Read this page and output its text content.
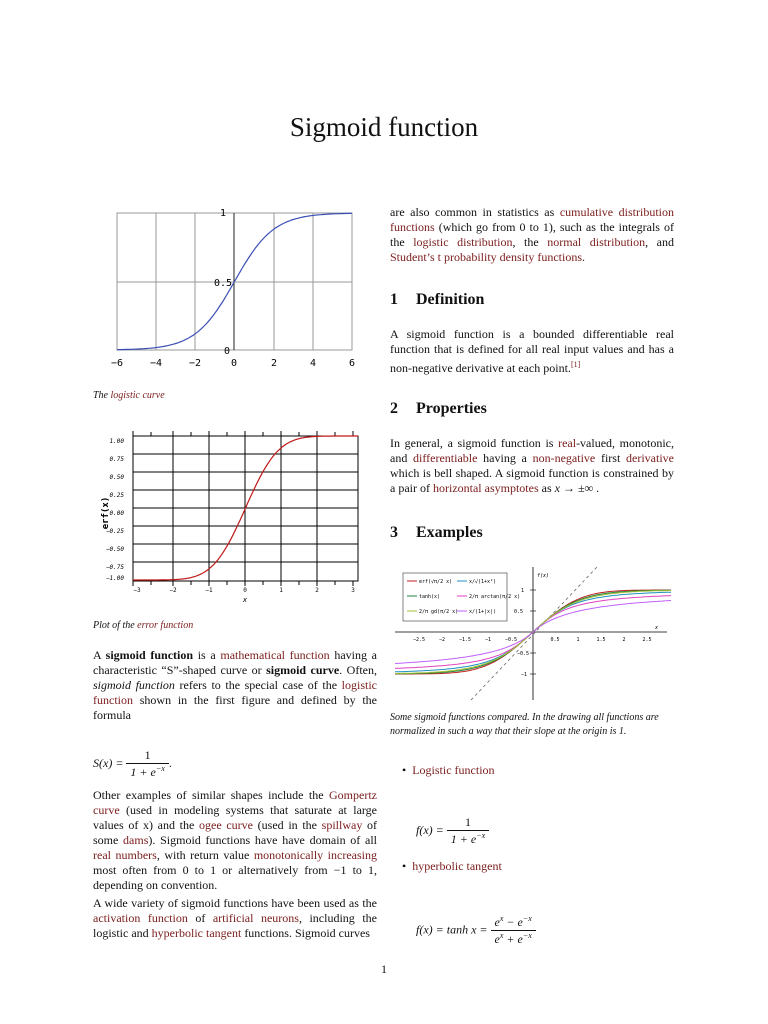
Sigmoid function
1
0.5
0
−6	−4	−2	0	2	4	6
The logistic curve
1.00
0.75
0.50
0.25
0.00
−0.25
−0.50
−0.75
−1.00
erf(x)
−3	−2	−1	0	1	2	3
x
Plot of the error function

A sigmoid function is a mathematical function having a characteristic “S”-shaped curve or sigmoid curve. Often, sigmoid function refers to the special case of the logistic function shown in the first figure and defined by the formula

$S(x) = \frac{1}{1 + e^{-x}}$ .

Other examples of similar shapes include the Gompertz curve (used in modeling systems that saturate at large values of x) and the ogee curve (used in the spillway of some dams). Sigmoid functions have have domain of all real numbers, with return value monotonically increasing most often from 0 to 1 or alternatively from −1 to 1, depending on convention.

A wide variety of sigmoid functions have been used as the activation function of artificial neurons, including the logistic and hyperbolic tangent functions. Sigmoid curves

are also common in statistics as cumulative distribution functions (which go from 0 to 1), such as the integrals of the logistic distribution, the normal distribution, and Student’s t probability density functions.

1 Definition

A sigmoid function is a bounded differentiable real function that is defined for all real input values and has a non-negative derivative at each point.[1]

2 Properties

In general, a sigmoid function is real-valued, monotonic, and differentiable having a non-negative first derivative which is bell shaped. A sigmoid function is constrained by a pair of horizontal asymptotes as x → ±∞ .

3 Examples
erf(√π/2 x)	x/√(1+x²)
tanh(x)	2/π arctan(π/2 x)
2/π gd(π/2 x) x/(1+|x|)
f(x)
x
1
0.5
−0.5
−1
−2.5	−2	−1.5	−1	−0.5	0.5	1	1.5	2	2.5
Some sigmoid functions compared. In the drawing all functions are normalized in such a way that their slope at the origin is 1.
•  Logistic function
$f(x) = \frac{1}{1 + e^{-x}}$
•  hyperbolic tangent
$f(x) = \tanh x = \frac{e^x - e^{-x}}{e^x + e^{-x}}$
1
